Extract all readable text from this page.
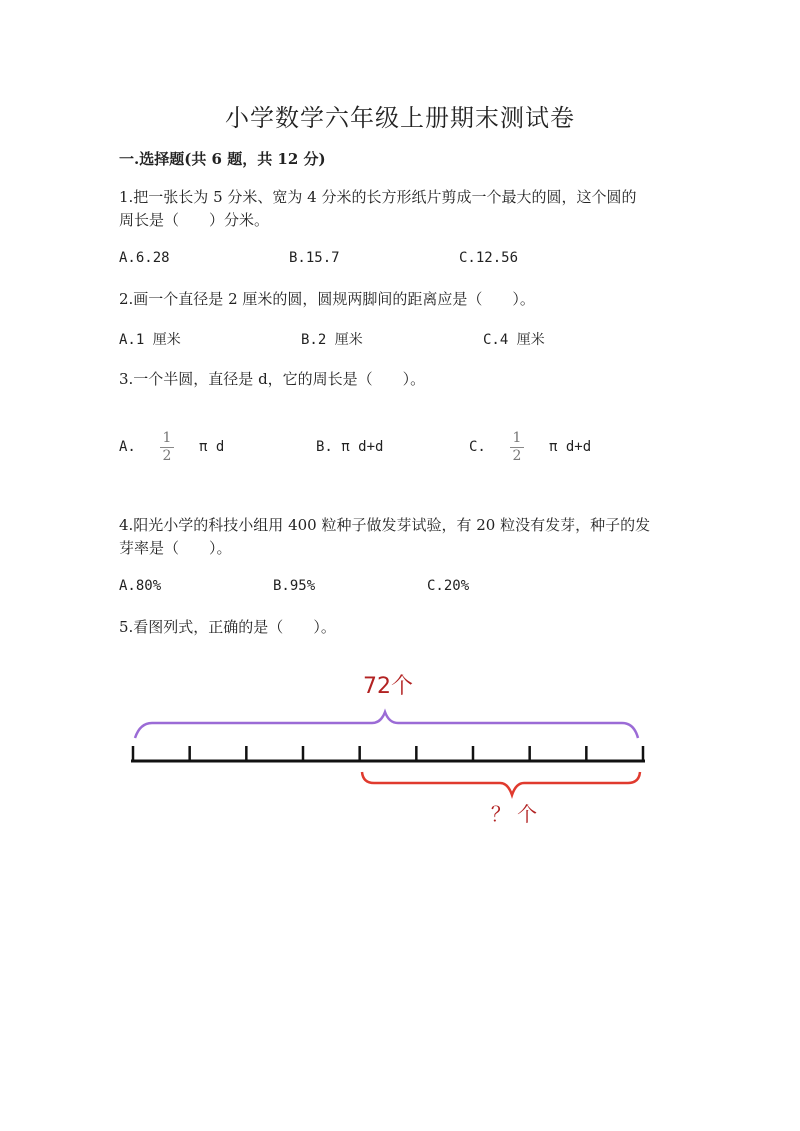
小学数学六年级上册期末测试卷
一.选择题(共 6 题，共 12 分)
1.把一张长为 5 分米、宽为 4 分米的长方形纸片剪成一个最大的圆，这个圆的
周长是（　　）分米。
A.6.28	B.15.7	C.12.56
2.画一个直径是 2 厘米的圆，圆规两脚间的距离应是（　　）。
A.1 厘米	B.2 厘米	C.4 厘米
3.一个半圆，直径是 d，它的周长是（　　）。
A.
1
2
π d	B. π d+d	C.
1
2
π d+d
4.阳光小学的科技小组用 400 粒种子做发芽试验，有 20 粒没有发芽，种子的发
芽率是（　　）。
A.80%	B.95%	C.20%
5.看图列式，正确的是（　　）。
72个
？ 个
